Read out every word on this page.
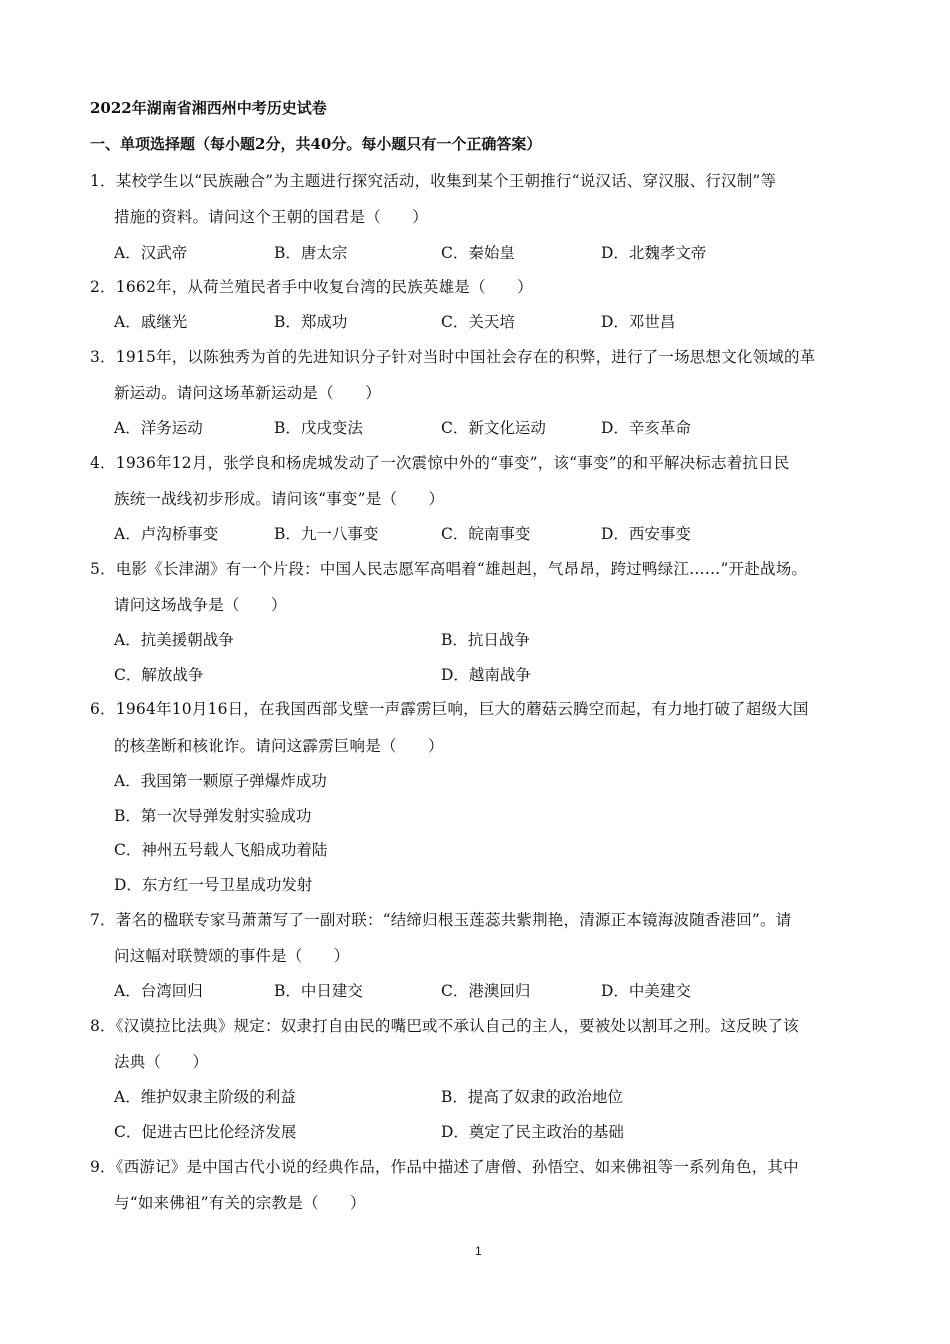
2022年湖南省湘西州中考历史试卷
一、单项选择题（每小题2分，共40分。每小题只有一个正确答案）
1．某校学生以“民族融合”为主题进行探究活动，收集到某个王朝推行“说汉话、穿汉服、行汉制”等
措施的资料。请问这个王朝的国君是（　　）
A．汉武帝	B．唐太宗	C．秦始皇	D．北魏孝文帝
2．1662年，从荷兰殖民者手中收复台湾的民族英雄是（　　）
A．戚继光	B．郑成功	C．关天培	D．邓世昌
3．1915年，以陈独秀为首的先进知识分子针对当时中国社会存在的积弊，进行了一场思想文化领域的革
新运动。请问这场革新运动是（　　）
A．洋务运动	B．戊戌变法	C．新文化运动	D．辛亥革命
4．1936年12月，张学良和杨虎城发动了一次震惊中外的“事变”，该“事变”的和平解决标志着抗日民
族统一战线初步形成。请问该“事变”是（　　）
A．卢沟桥事变	B．九一八事变	C．皖南事变	D．西安事变
5．电影《长津湖》有一个片段：中国人民志愿军高唱着“雄赳赳，气昂昂，跨过鸭绿江……”开赴战场。
请问这场战争是（　　）
A．抗美援朝战争	B．抗日战争
C．解放战争	D．越南战争
6．1964年10月16日，在我国西部戈壁一声霹雳巨响，巨大的蘑菇云腾空而起，有力地打破了超级大国
的核垄断和核讹诈。请问这霹雳巨响是（　　）
A．我国第一颗原子弹爆炸成功
B．第一次导弹发射实验成功
C．神州五号载人飞船成功着陆
D．东方红一号卫星成功发射
7．著名的楹联专家马萧萧写了一副对联：“结缔归根玉莲蕊共紫荆艳，清源正本镜海波随香港回”。请
问这幅对联赞颂的事件是（　　）
A．台湾回归	B．中日建交	C．港澳回归	D．中美建交
8．《汉谟拉比法典》规定：奴隶打自由民的嘴巴或不承认自己的主人，要被处以割耳之刑。这反映了该
法典（　　）
A．维护奴隶主阶级的利益	B．提高了奴隶的政治地位
C．促进古巴比伦经济发展	D．奠定了民主政治的基础
9．《西游记》是中国古代小说的经典作品，作品中描述了唐僧、孙悟空、如来佛祖等一系列角色，其中
与“如来佛祖”有关的宗教是（　　）
1
